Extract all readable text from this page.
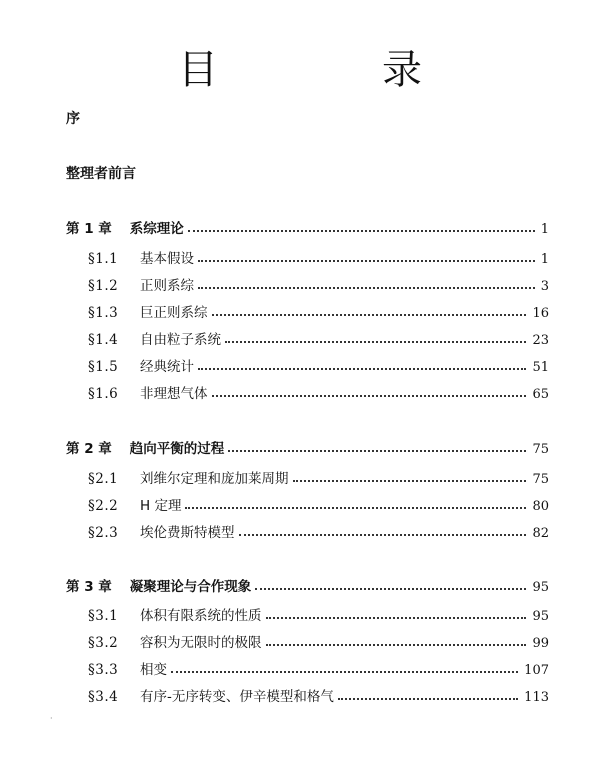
目　录
序
整理者前言
第 1 章 系综理论	1
§1.1	基本假设	1
§1.2	正则系综	3
§1.3	巨正则系综	16
§1.4	自由粒子系统	23
§1.5	经典统计	51
§1.6	非理想气体	65
第 2 章 趋向平衡的过程	75
§2.1	刘维尔定理和庞加莱周期	75
§2.2	H 定理	80
§2.3	埃伦费斯特模型	82
第 3 章 凝聚理论与合作现象	95
§3.1	体积有限系统的性质	95
§3.2	容积为无限时的极限	99
§3.3	相变	107
§3.4	有序-无序转变、伊辛模型和格气	113
·
